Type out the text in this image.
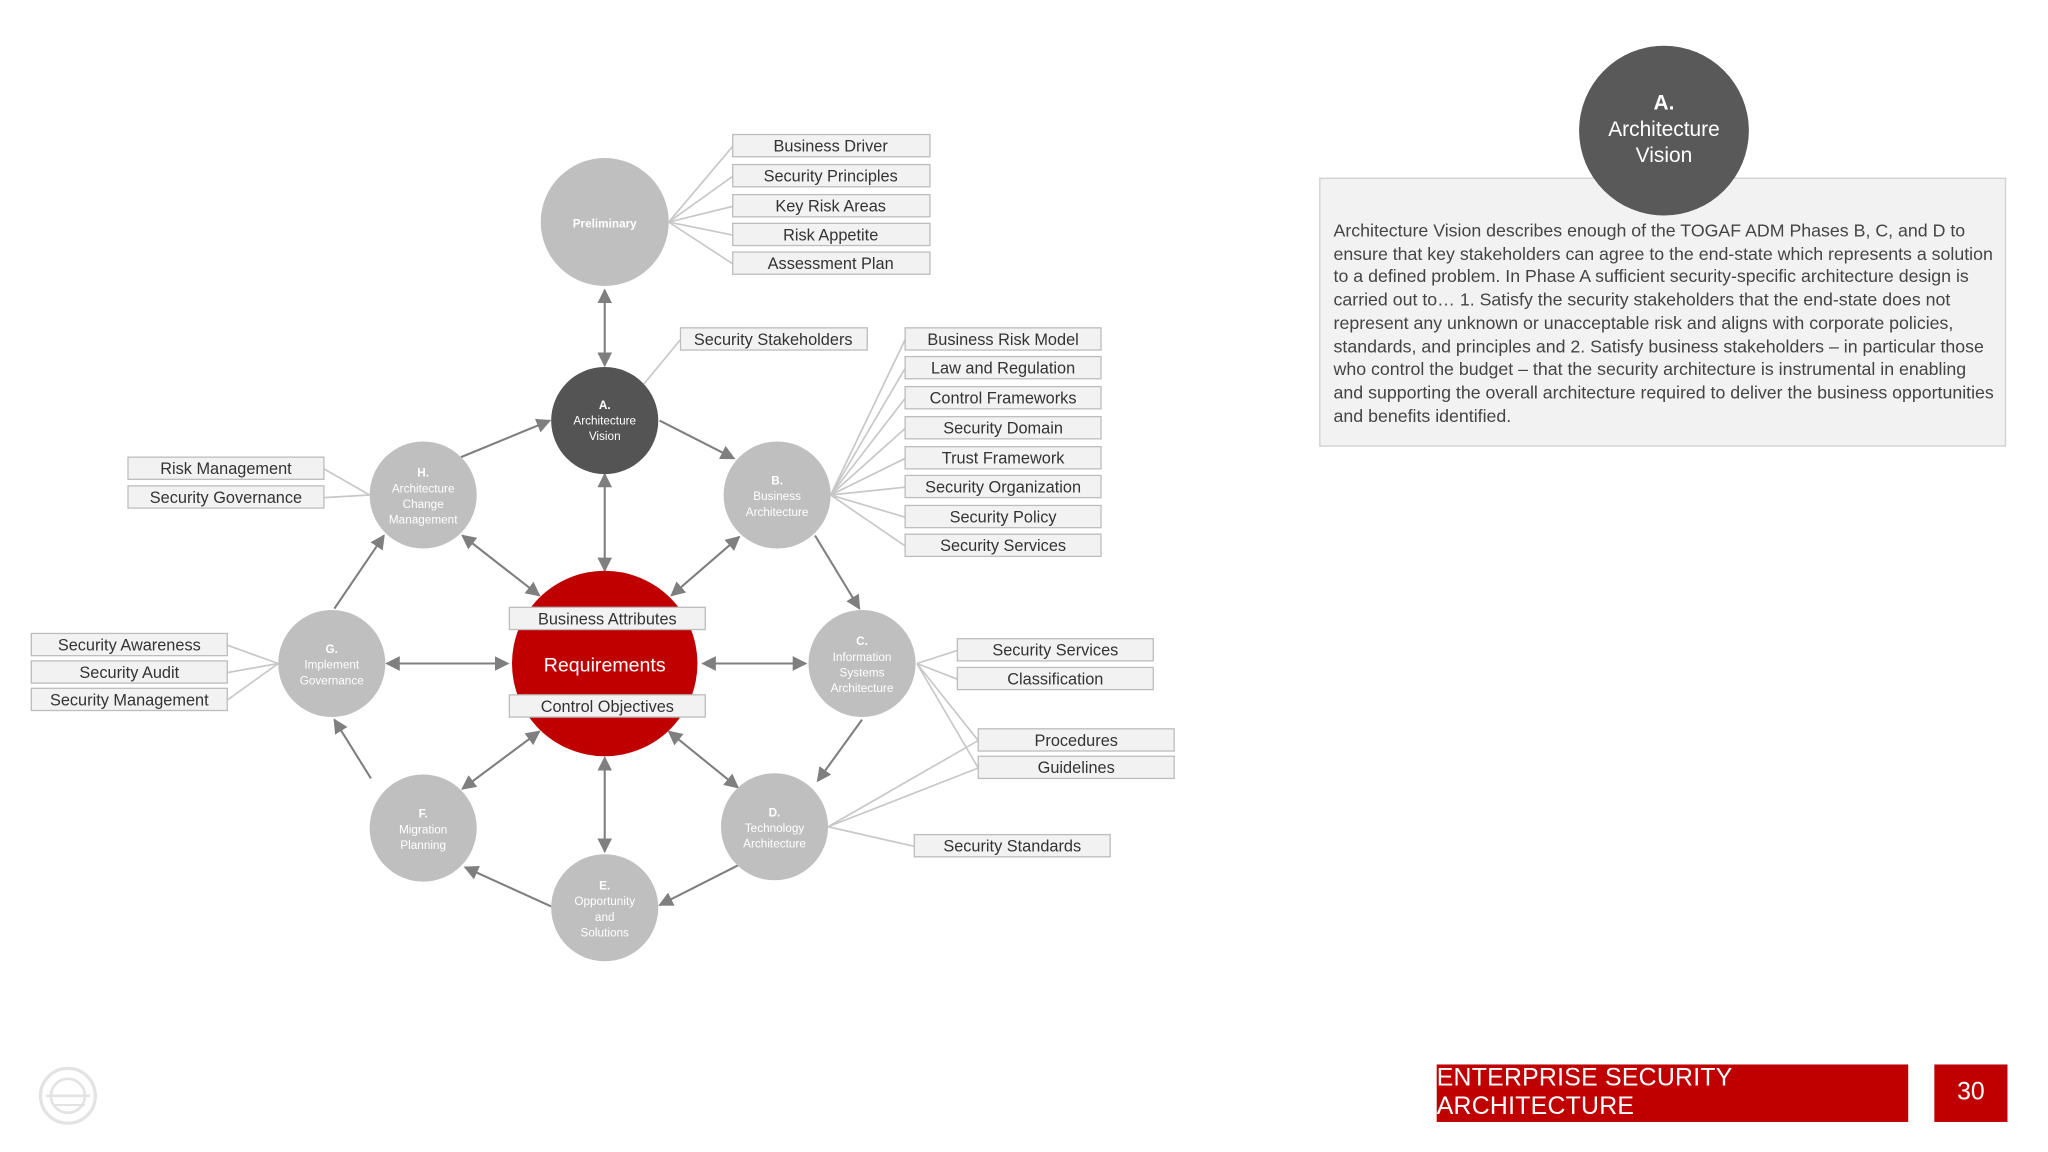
Preliminary
A.
Architecture
Vision
B.
Business
Architecture
C.
Information
Systems
Architecture
D.
Technology
Architecture
E.
Opportunity
and
Solutions
F.
Migration
Planning
G.
Implement
Governance
H.
Architecture
Change
Management
Requirements
Business Driver
Security Principles
Key Risk Areas
Risk Appetite
Assessment Plan
Security Stakeholders	Business Risk Model
Law and Regulation
Control Frameworks
Security Domain
Trust Framework
Security Organization
Security Policy
Security Services
Security Services
Classification
Procedures
Guidelines
Security Standards
Risk Management
Security Governance
Security Awareness
Security Audit
Security Management
Business Attributes
Control Objectives
Architecture Vision describes enough of the TOGAF ADM Phases B, C, and D to ensure that key stakeholders can agree to the end-state which represents a solution to a defined problem. In Phase A sufficient security-specific architecture design is carried out to… 1. Satisfy the security stakeholders that the end-state does not represent any unknown or unacceptable risk and aligns with corporate policies, standards, and principles and 2. Satisfy business stakeholders – in particular those who control the budget – that the security architecture is instrumental in enabling and supporting the overall architecture required to deliver the business opportunities and benefits identified.
A.
Architecture
Vision
ENTERPRISE SECURITY ARCHITECTURE
30
